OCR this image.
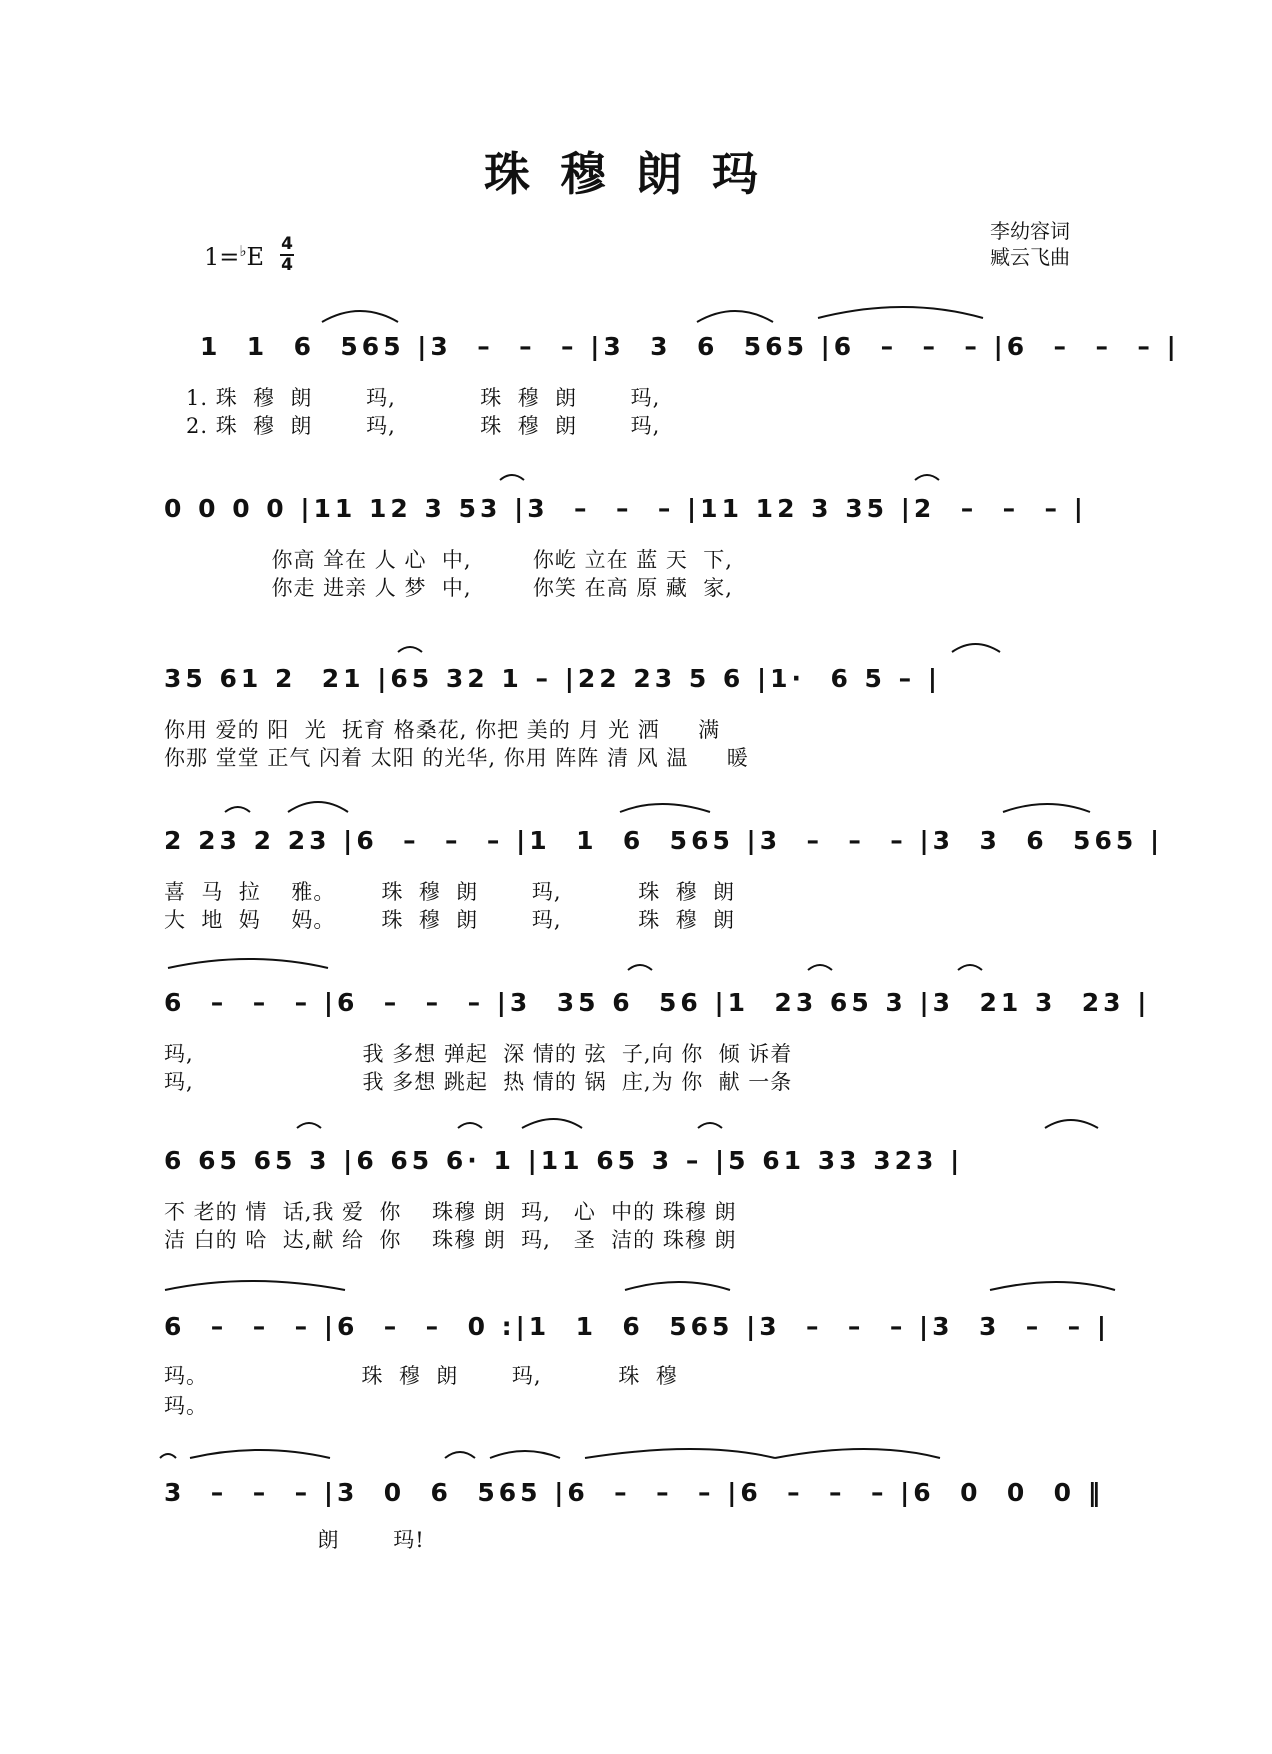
珠穆朗玛
1=♭E 4
4
李幼容词
臧云飞曲
1  1  6  565 |3  –  –  – |3  3  6  565 |6  –  –  – |6  –  –  – |
1. 珠  穆  朗       玛,           珠  穆  朗       玛,
2. 珠  穆  朗       玛,           珠  穆  朗       玛,
0 0 0 0 |11 12 3 53 |3  –  –  – |11 12 3 35 |2  –  –  – |
你高 耸在 人 心  中,        你屹 立在 蓝 天  下,
你走 进亲 人 梦  中,        你笑 在高 原 藏  家,
35 61 2  21 |65 32 1 – |22 23 5 6 |1·  6 5 – |
你用 爱的 阳  光  抚育 格桑花, 你把 美的 月 光 洒     满
你那 堂堂 正气 闪着 太阳 的光华, 你用 阵阵 清 风 温     暖
2 23 2 23 |6  –  –  – |1  1  6  565 |3  –  –  – |3  3  6  565 |
喜  马  拉    雅。      珠  穆  朗       玛,          珠  穆  朗
大  地  妈    妈。      珠  穆  朗       玛,          珠  穆  朗
6  –  –  – |6  –  –  – |3  35 6  56 |1  23 65 3 |3  21 3  23 |
玛,                      我 多想 弹起  深 情的 弦  子,向 你  倾 诉着
玛,                      我 多想 跳起  热 情的 锅  庄,为 你  献 一条
6 65 65 3 |6 65 6· 1 |11 65 3 – |5 61 33 323 |
不 老的 情  话,我 爱  你    珠穆 朗  玛,   心  中的 珠穆 朗
洁 白的 哈  达,献 给  你    珠穆 朗  玛,   圣  洁的 珠穆 朗
6  –  –  – |6  –  –  0 :|1  1  6  565 |3  –  –  – |3  3  –  – |
玛。                    珠  穆  朗       玛,          珠  穆
玛。
3  –  –  – |3  0  6  565 |6  –  –  – |6  –  –  – |6  0  0  0 ‖
朗       玛!
